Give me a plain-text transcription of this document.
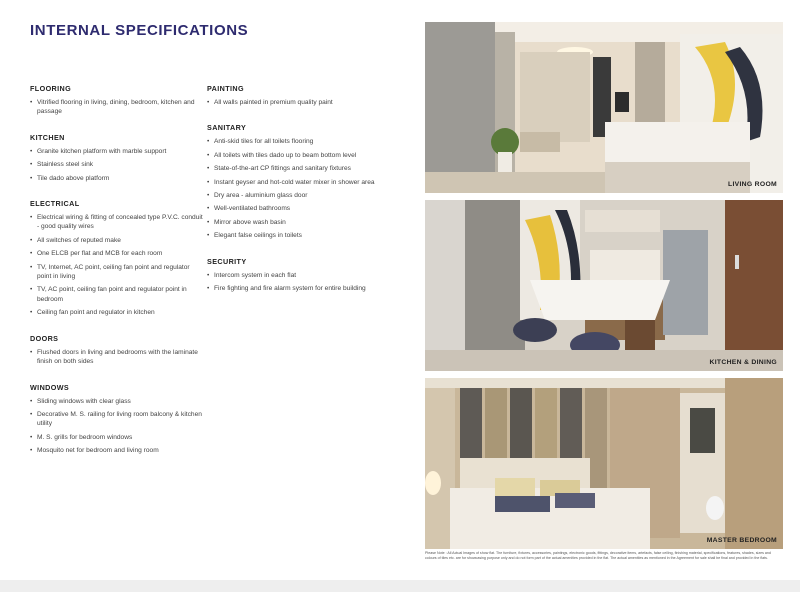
INTERNAL SPECIFICATIONS
FLOORING
• Vitrified flooring in living, dining, bedroom, kitchen and passage
KITCHEN
• Granite kitchen platform with marble support
• Stainless steel sink
• Tile dado above platform
ELECTRICAL
• Electrical wiring & fitting of concealed type P.V.C. conduit - good quality wires
• All switches of reputed make
• One ELCB per flat and MCB for each room
• TV, Internet, AC point, ceiling fan point and regulator point in living
• TV, AC point, ceiling fan point and regulator point in bedroom
• Ceiling fan point and regulator in kitchen
DOORS
• Flushed doors in living and bedrooms with the laminate finish on both sides
WINDOWS
• Sliding windows with clear glass
• Decorative M. S. railing for living room balcony & kitchen utility
• M. S. grills for bedroom windows
• Mosquito net for bedroom and living room
PAINTING
• All walls painted in premium quality paint
SANITARY
• Anti-skid tiles for all toilets flooring
• All toilets with tiles dado up to beam bottom level
• State-of-the-art CP fittings and sanitary fixtures
• Instant geyser and hot-cold water mixer in shower area
• Dry area - aluminium glass door
• Well-ventilated bathrooms
• Mirror above wash basin
• Elegant false ceilings in toilets
SECURITY
• Intercom system in each flat
• Fire fighting and fire alarm system for entire building
LIVING ROOM
KITCHEN & DINING
MASTER BEDROOM
Please Note : All Actual Images of show flat. The furniture, fixtures, accessories, paintings, electronic goods, fittings, decorative items, artefacts, false ceiling, finishing material, specifications, features, shades, sizes and colours of tiles etc. are for showcasing purpose only and do not form part of the actual amenities provided in the flat. The actual amenities as mentioned in the Agreement for sale shall be final and provided in the flats.
